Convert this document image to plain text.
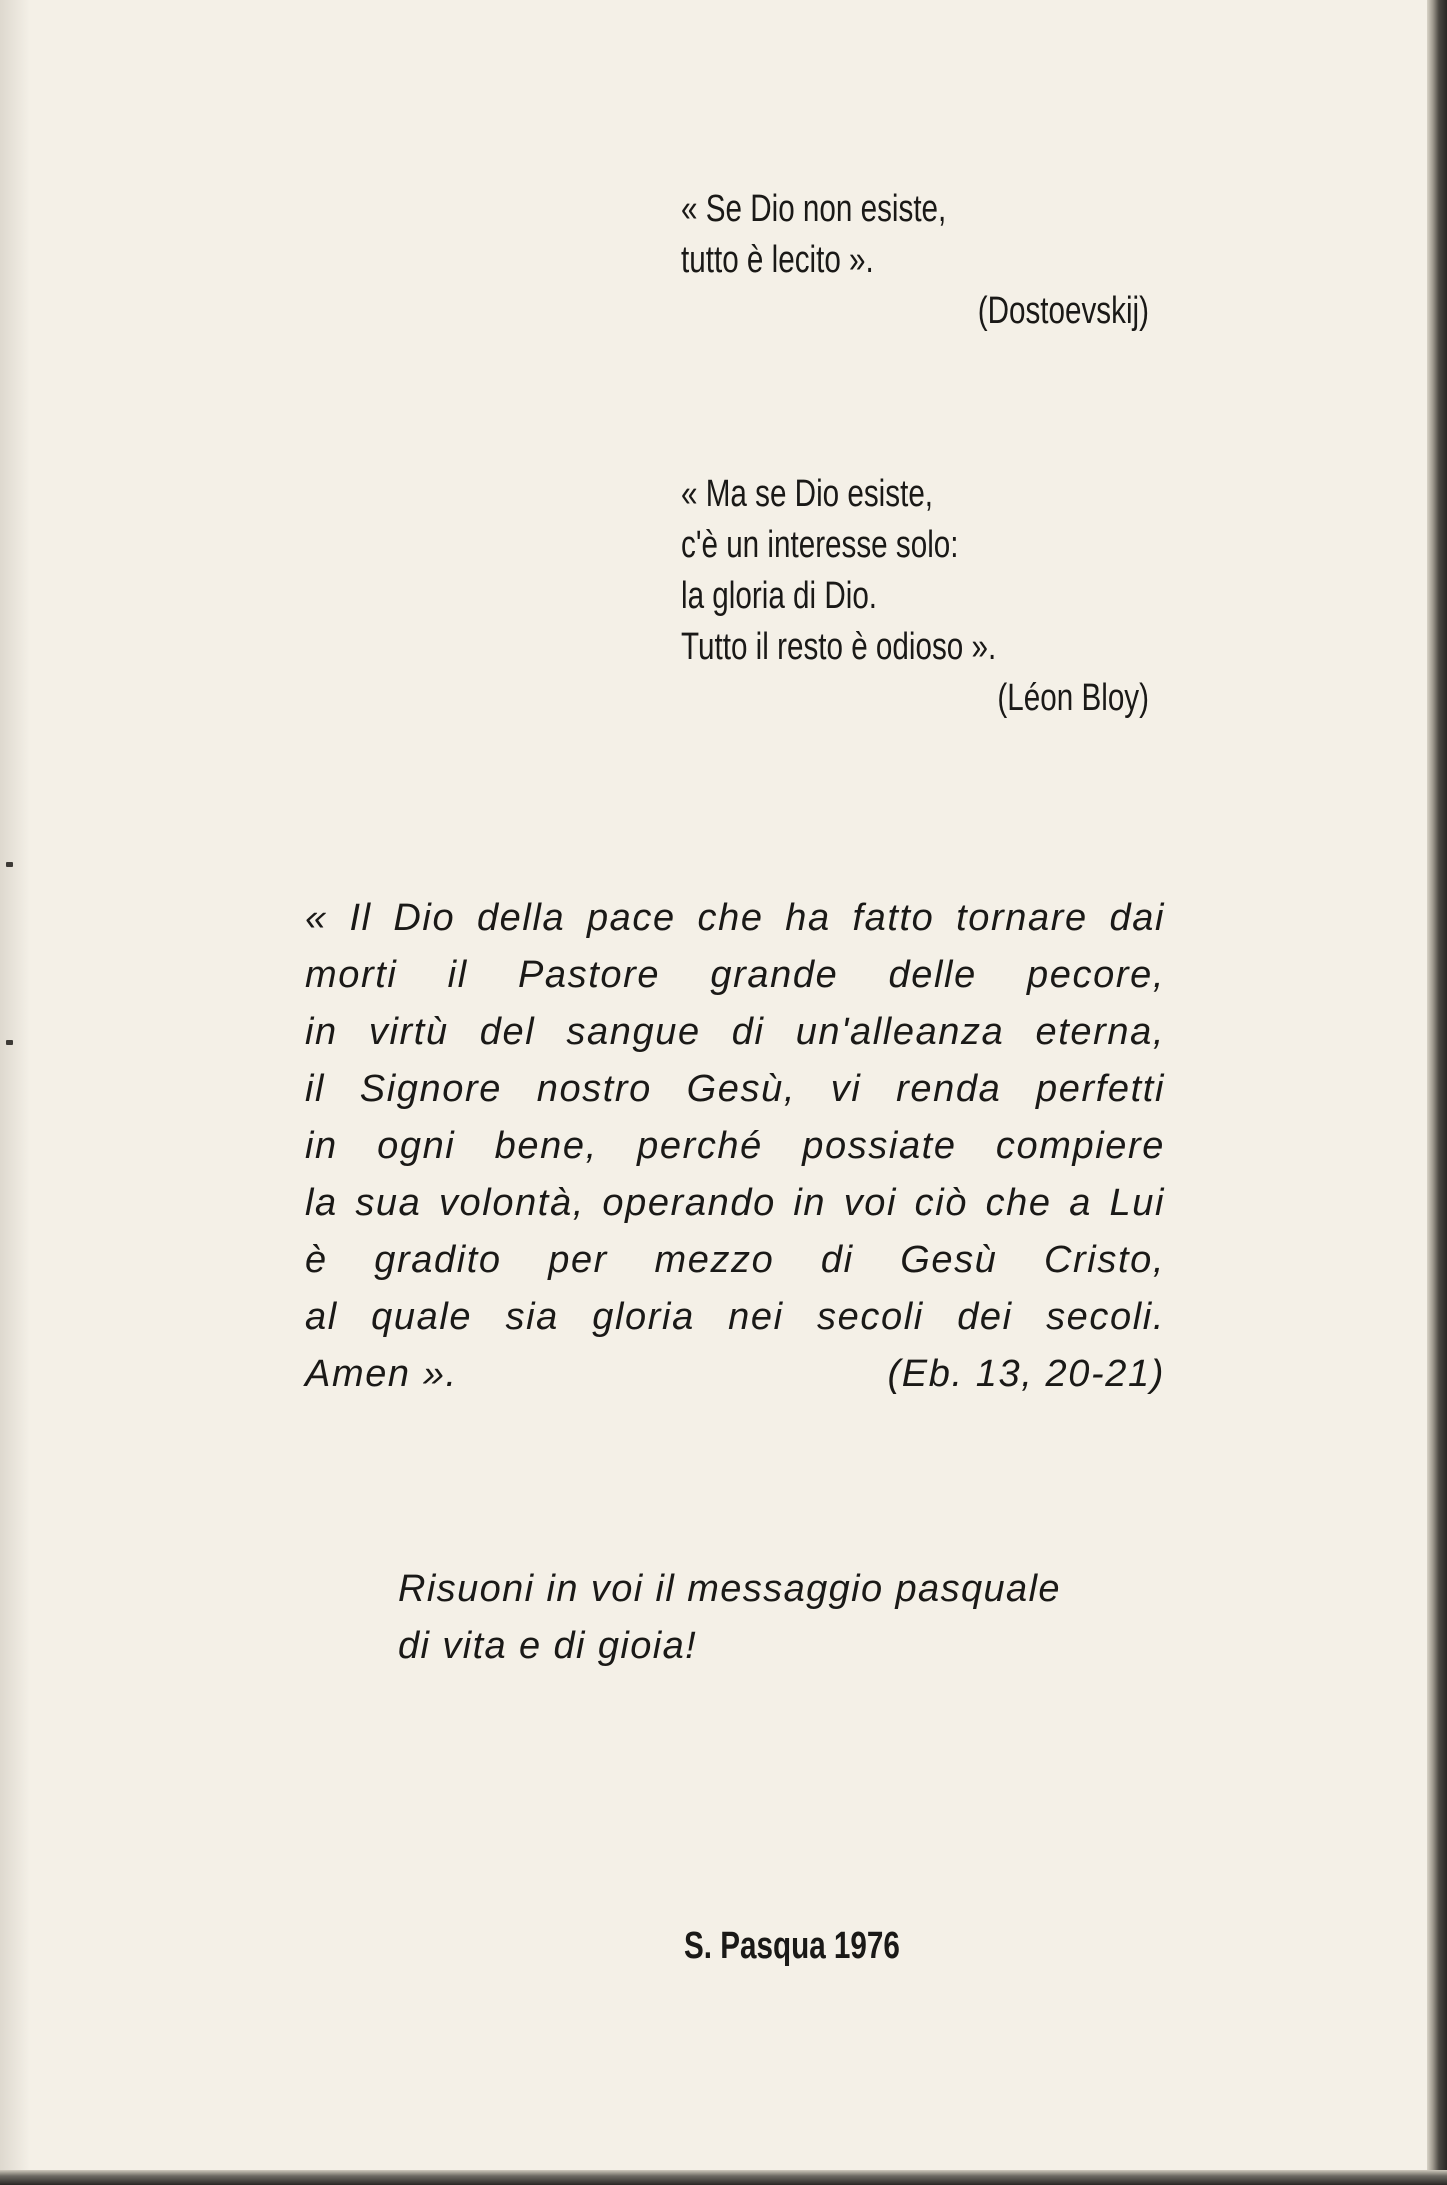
« Se Dio non esiste,
tutto è lecito ».
(Dostoevskij)
« Ma se Dio esiste,
c'è un interesse solo:
la gloria di Dio.
Tutto il resto è odioso ».
(Léon Bloy)
« Il Dio della pace che ha fatto tornare dai
morti il Pastore grande delle pecore,
in virtù del sangue di un'alleanza eterna,
il Signore nostro Gesù, vi renda perfetti
in ogni bene, perché possiate compiere
la sua volontà, operando in voi ciò che a Lui
è gradito per mezzo di Gesù Cristo,
al quale sia gloria nei secoli dei secoli.
Amen ».	(Eb. 13, 20-21)
Risuoni in voi il messaggio pasquale
di vita e di gioia!
S. Pasqua 1976
